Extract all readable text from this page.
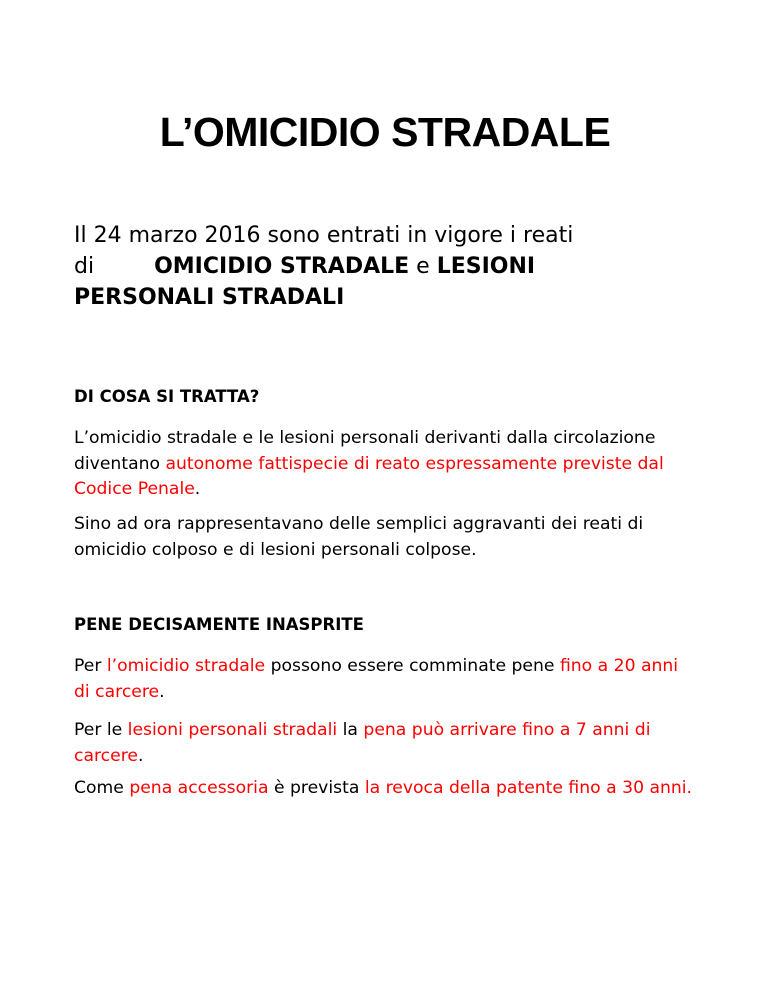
L’OMICIDIO STRADALE

Il 24 marzo 2016 sono entrati in vigore i reati
di	OMICIDIO STRADALE e LESIONI
PERSONALI STRADALI

DI COSA SI TRATTA?

L’omicidio stradale e le lesioni personali derivanti dalla circolazione diventano autonome fattispecie di reato espressamente previste dal Codice Penale.

Sino ad ora rappresentavano delle semplici aggravanti dei reati di omicidio colposo e di lesioni personali colpose.

PENE DECISAMENTE INASPRITE

Per l’omicidio stradale possono essere comminate pene fino a 20 anni di carcere.

Per le lesioni personali stradali la pena può arrivare fino a 7 anni di carcere.

Come pena accessoria è prevista la revoca della patente fino a 30 anni.
